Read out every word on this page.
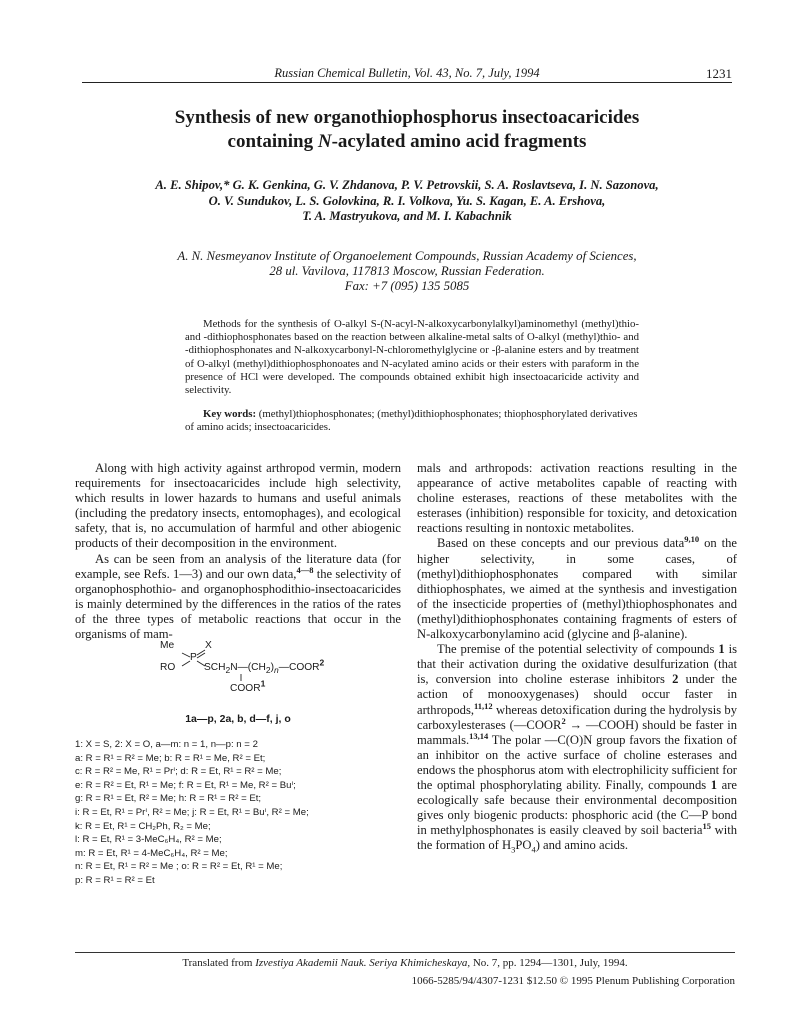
Russian Chemical Bulletin, Vol. 43, No. 7, July, 1994	1231
Synthesis of new organothiophosphorus insectoacaricides
containing N-acylated amino acid fragments
A. E. Shipov,* G. K. Genkina, G. V. Zhdanova, P. V. Petrovskii, S. A. Roslavtseva, I. N. Sazonova,
O. V. Sundukov, L. S. Golovkina, R. I. Volkova, Yu. S. Kagan, E. A. Ershova,
T. A. Mastryukova, and M. I. Kabachnik
A. N. Nesmeyanov Institute of Organoelement Compounds, Russian Academy of Sciences,
28 ul. Vavilova, 117813 Moscow, Russian Federation.
Fax: +7 (095) 135 5085
Methods for the synthesis of O-alkyl S-(N-acyl-N-alkoxycarbonylalkyl)aminomethyl (methyl)thio- and -dithiophosphonates based on the reaction between alkaline-metal salts of O-alkyl (methyl)thio- and -dithiophosphonates and N-alkoxycarbonyl-N-chloromethylglycine or -β-alanine esters and by treatment of O-alkyl (methyl)dithiophosphonoates and N-acylated amino acids or their esters with paraform in the presence of HCl were developed. The compounds obtained exhibit high insectoacaricide activity and selectivity.
Key words: (methyl)thiophosphonates; (methyl)dithiophosphonates; thiophosphorylated derivatives of amino acids; insectoacaricides.

Along with high activity against arthropod vermin, modern requirements for insectoacaricides include high selectivity, which results in lower hazards to humans and useful animals (including the predatory insects, entomophages), and ecological safety, that is, no accumulation of harmful and other abiogenic products of their decomposition in the environment.

As can be seen from an analysis of the literature data (for example, see Refs. 1—3) and our own data,$^{4—8}$ the selectivity of organophosphothio- and organophosphodithio-insectoacaricides is mainly determined by the differences in the ratios of the rates of the three types of metabolic reactions that occur in the organisms of mam-

Me
P
X
RO	$SCH_2N—(CH_2)_n—COOR^2$
COOR$^1$
1a—p, 2a, b, d—f, j, o
1: X = S, 2: X = O, a—m: n = 1, n—p: n = 2
a: R = R¹ = R² = Me; b: R = R¹ = Me, R² = Et;
c: R = R² = Me, R¹ = Prⁱ; d: R = Et, R¹ = R² = Me;
e: R = R² = Et, R¹ = Me; f: R = Et, R¹ = Me, R² = Buⁱ;
g: R = R¹ = Et, R² = Me; h: R = R¹ = R² = Et;
i: R = Et, R¹ = Prⁱ, R² = Me; j: R = Et, R¹ = Buⁱ, R² = Me;
k: R = Et, R¹ = CH₂Ph, R₂ = Me;
l: R = Et, R¹ = 3-MeC₆H₄, R² = Me;
m: R = Et, R¹ = 4-MeC₆H₄, R² = Me;
n: R = Et, R¹ = R² = Me ; o: R = R² = Et, R¹ = Me;
p: R = R¹ = R² = Et

mals and arthropods: activation reactions resulting in the appearance of active metabolites capable of reacting with choline esterases, reactions of these metabolites with the esterases (inhibition) responsible for toxicity, and detoxication reactions resulting in nontoxic metabolites.

Based on these concepts and our previous data$^{9,10}$ on the higher selectivity, in some cases, of (methyl)dithiophosphonates compared with similar dithiophosphates, we aimed at the synthesis and investigation of the insecticide properties of (methyl)thiophosphonates and (methyl)dithiophosphonates containing fragments of esters of N-alkoxycarbonylamino acid (glycine and β-alanine).

The premise of the potential selectivity of compounds 1 is that their activation during the oxidative desulfurization (that is, conversion into choline esterase inhibitors 2 under the action of monooxygenases) should occur faster in arthropods,$^{11,12}$ whereas detoxification during the hydrolysis by carboxylesterases ($—COOR^2$ → —COOH) should be faster in mammals.$^{13,14}$ The polar —C(O)N group favors the fixation of an inhibitor on the active surface of choline esterases and endows the phosphorus atom with electrophilicity sufficient for the optimal phosphorylating ability. Finally, compounds 1 are ecologically safe because their environmental decomposition gives only biogenic products: phosphoric acid (the C—P bond in methylphosphonates is easily cleaved by soil bacteria$^{15}$ with the formation of $H_3PO_4$) and amino acids.

Translated from Izvestiya Akademii Nauk. Seriya Khimicheskaya, No. 7, pp. 1294—1301, July, 1994.
1066-5285/94/4307-1231 $12.50 © 1995 Plenum Publishing Corporation
